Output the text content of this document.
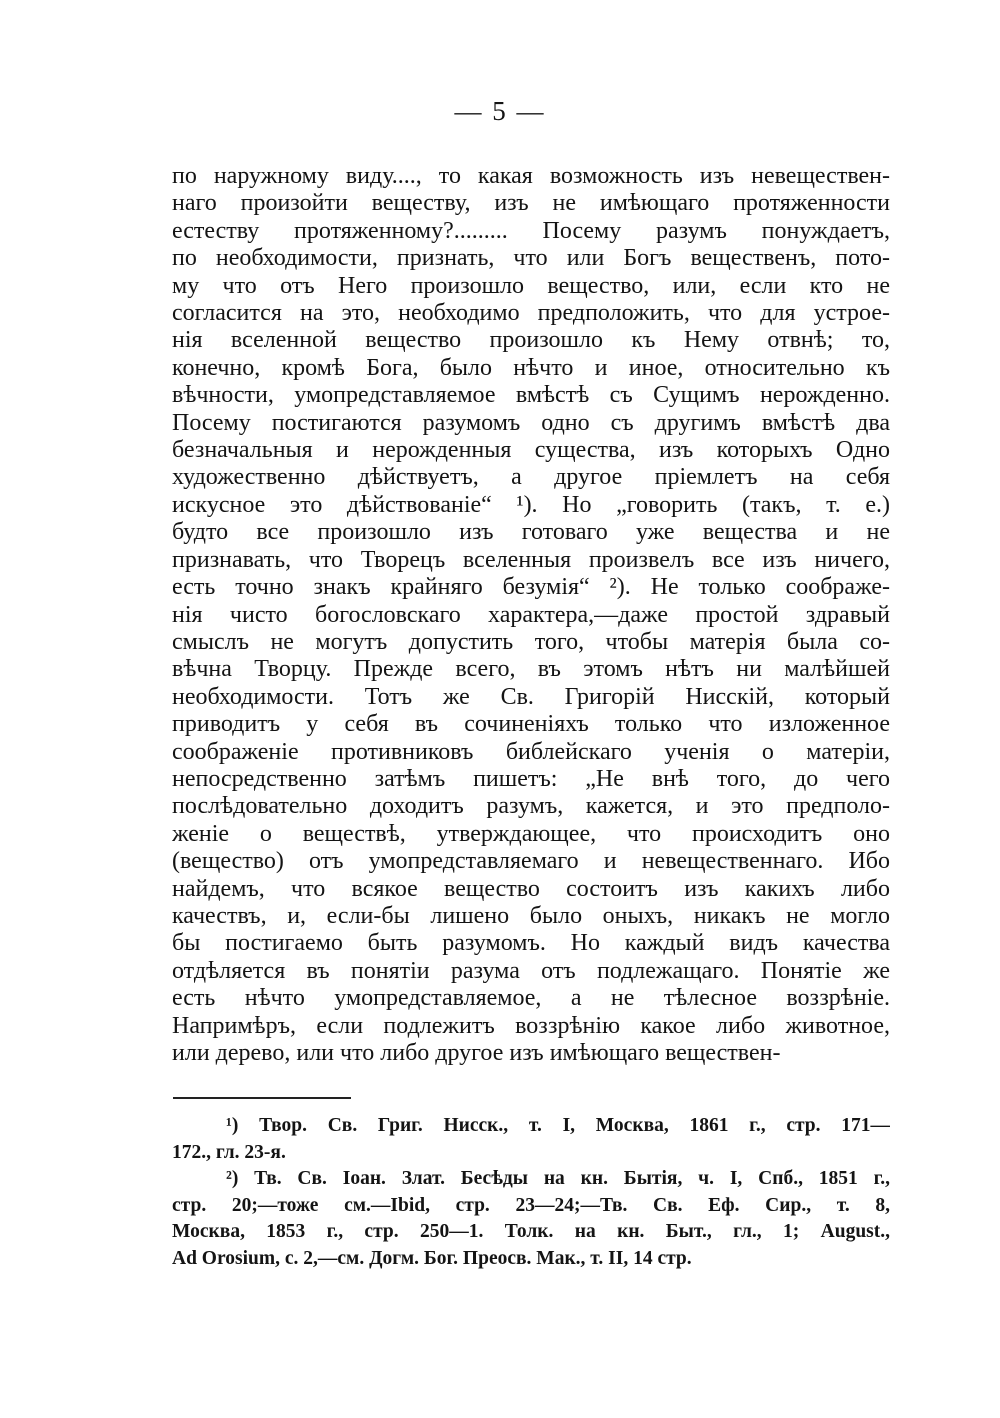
— 5 —
по наружному виду...., то какая возможность изъ невеществен-
наго произойти веществу, изъ не имѣющаго протяженности
естеству протяженному?......... Посему разумъ понуждаетъ,
по необходимости, признать, что или Богъ вещественъ, пото-
му что отъ Него произошло вещество, или, если кто не
согласится на это, необходимо предположить, что для устрое-
нія вселенной вещество произошло къ Нему отвнѣ; то,
конечно, кромѣ Бога, было нѣчто и иное, относительно къ
вѣчности, умопредставляемое вмѣстѣ съ Сущимъ нерожденно.
Посему постигаются разумомъ одно съ другимъ вмѣстѣ два
безначальныя и нерожденныя существа, изъ которыхъ Одно
художественно дѣйствуетъ, а другое пріемлетъ на себя
искусное это дѣйствованіе“ ¹). Но „говорить (такъ, т. е.)
будто все произошло изъ готоваго уже вещества и не
признавать, что Творецъ вселенныя произвелъ все изъ ничего,
есть точно знакъ крайняго безумія“ ²). Не только соображе-
нія чисто богословскаго характера,—даже простой здравый
смыслъ не могутъ допустить того, чтобы матерія была со-
вѣчна Творцу. Прежде всего, въ этомъ нѣтъ ни малѣйшей
необходимости. Тотъ же Св. Григорій Нисскій, который
приводитъ у себя въ сочиненіяхъ только что изложенное
соображеніе противниковъ библейскаго ученія о матеріи,
непосредственно затѣмъ пишетъ: „Не внѣ того, до чего
послѣдовательно доходитъ разумъ, кажется, и это предполо-
женіе о веществѣ, утверждающее, что происходитъ оно
(вещество) отъ умопредставляемаго и невещественнаго. Ибо
найдемъ, что всякое вещество состоитъ изъ какихъ либо
качествъ, и, если-бы лишено было оныхъ, никакъ не могло
бы постигаемо быть разумомъ. Но каждый видъ качества
отдѣляется въ понятіи разума отъ подлежащаго. Понятіе же
есть нѣчто умопредставляемое, а не тѣлесное воззрѣніе.
Напримѣръ, если подлежитъ воззрѣнію какое либо животное,
или дерево, или что либо другое изъ имѣющаго веществен-
¹) Твор. Св. Григ. Нисск., т. I, Москва, 1861 г., стр. 171—
172., гл. 23-я.
²) Тв. Св. Іоан. Злат. Бесѣды на кн. Бытія, ч. I, Спб., 1851 г.,
стр. 20;—тоже см.—Ibid, стр. 23—24;—Тв. Св. Еф. Сир., т. 8,
Москва, 1853 г., стр. 250—1. Толк. на кн. Быт., гл., 1; August.,
Ad Orosium, с. 2,—см. Догм. Бог. Преосв. Мак., т. II, 14 стр.
